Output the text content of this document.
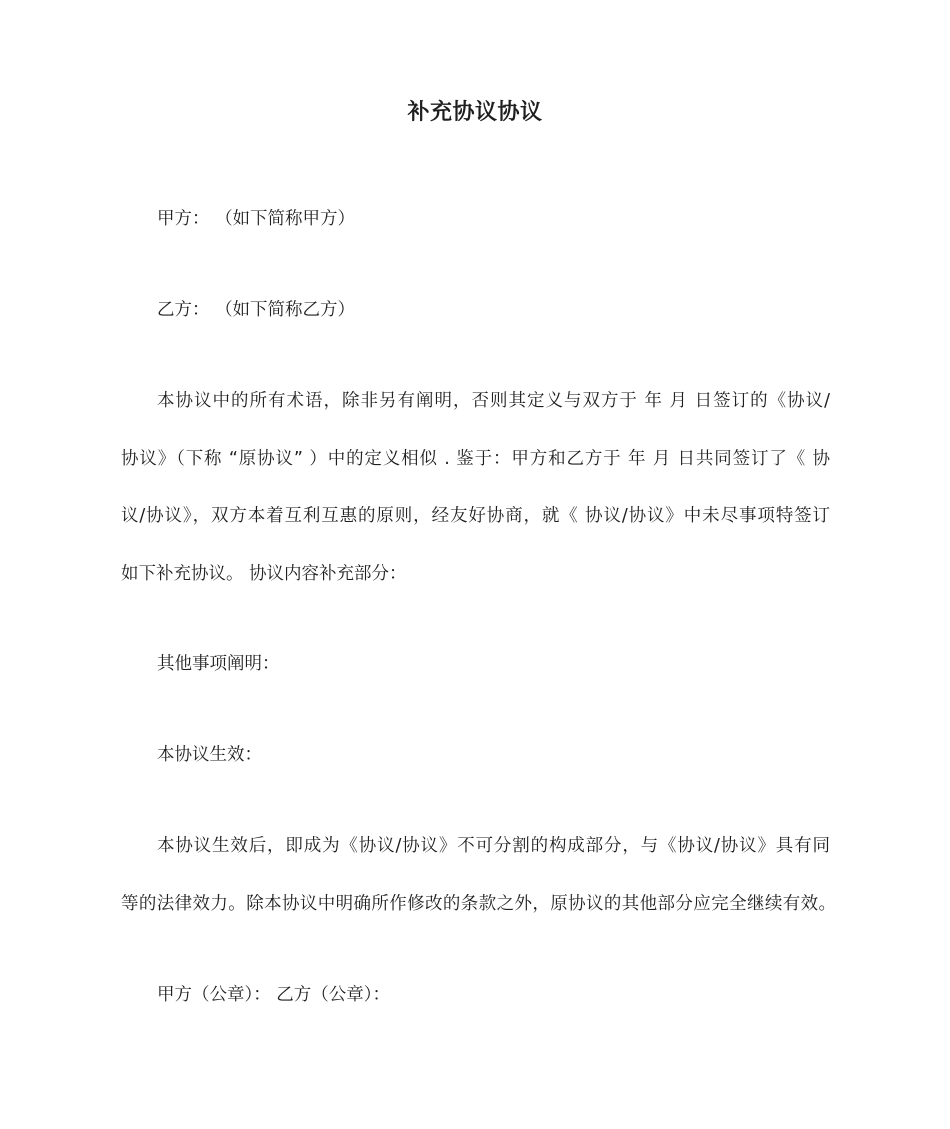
补充协议协议
甲方： （如下简称甲方）
乙方： （如下简称乙方）
本协议中的所有术语，除非另有阐明，否则其定义与双方于 年 月 日签订的《协议/
协议》（下称 “原协议” ）中的定义相似 . 鉴于：甲方和乙方于 年 月 日共同签订了《 协
议/协议》，双方本着互利互惠的原则，经友好协商，就《 协议/协议》中未尽事项特签订
如下补充协议。 协议内容补充部分：
其他事项阐明：
本协议生效：
本协议生效后，即成为《协议/协议》不可分割的构成部分，与《协议/协议》具有同
等的法律效力。除本协议中明确所作修改的条款之外，原协议的其他部分应完全继续有效。
甲方（公章）： 乙方（公章）：
